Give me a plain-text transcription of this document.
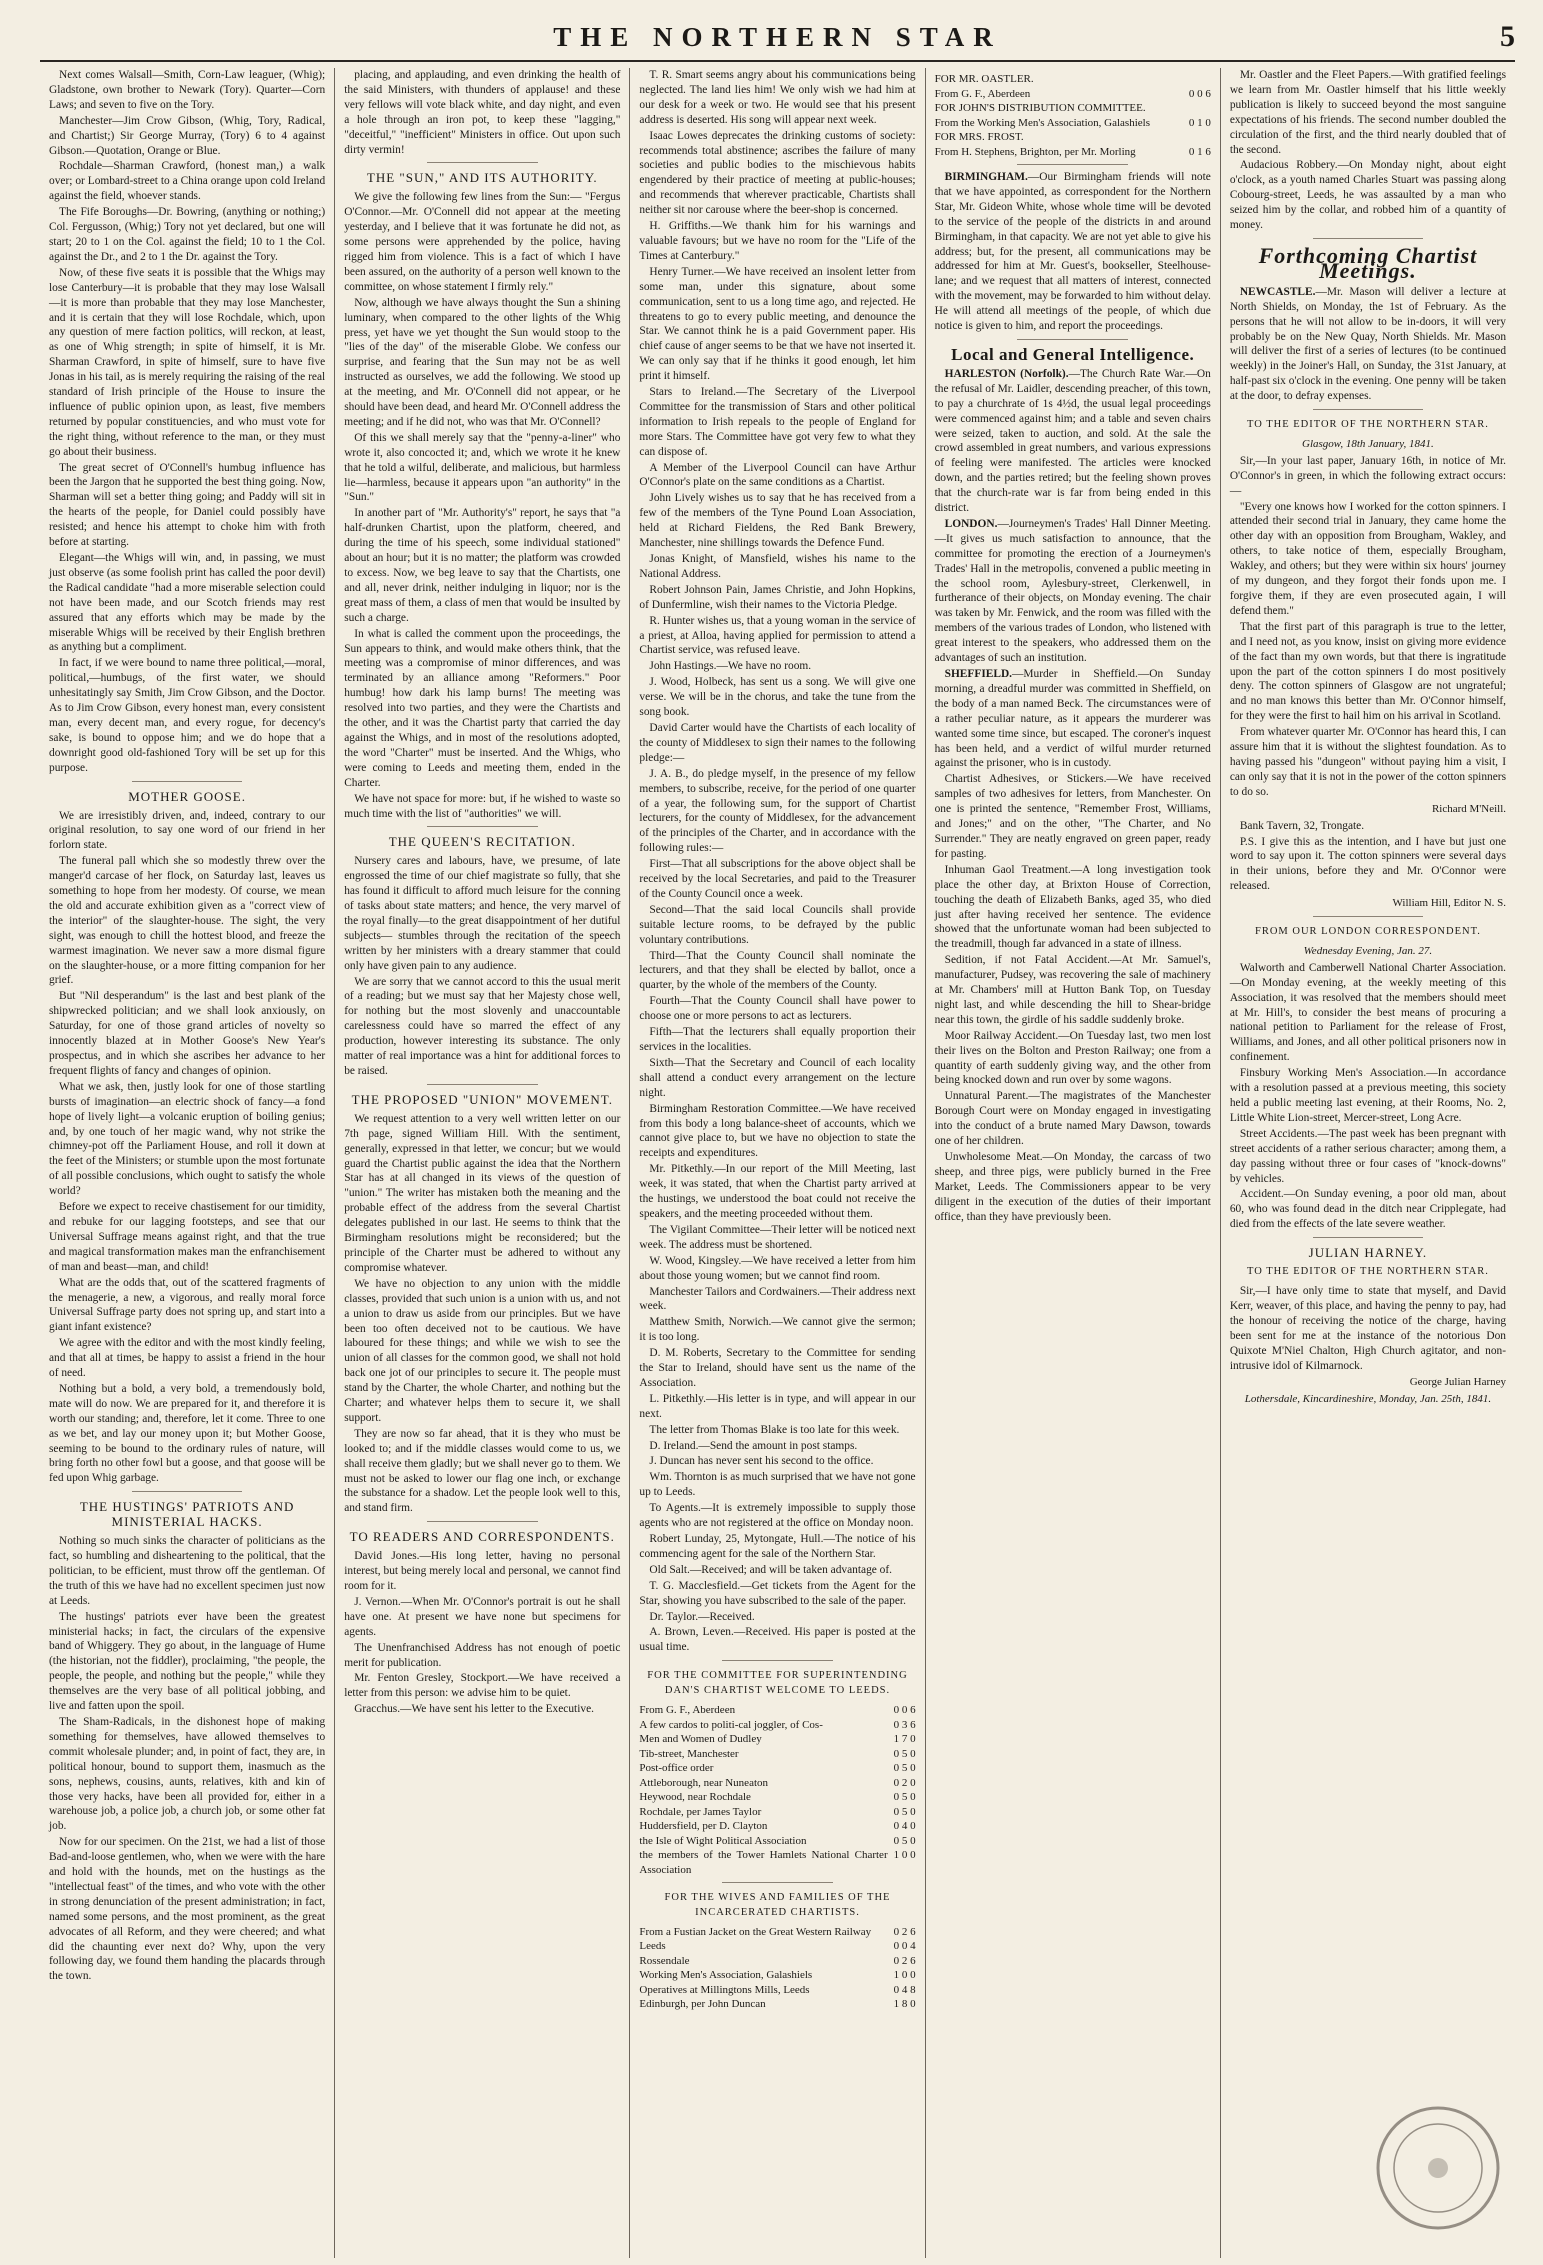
THE NORTHERN STAR	5

Next comes Walsall—Smith, Corn-Law leaguer, (Whig); Gladstone, own brother to Newark (Tory). Quarter—Corn Laws; and seven to five on the Tory.

Manchester—Jim Crow Gibson, (Whig, Tory, Radical, and Chartist;) Sir George Murray, (Tory) 6 to 4 against Gibson.—Quotation, Orange or Blue.

Rochdale—Sharman Crawford, (honest man,) a walk over; or Lombard-street to a China orange upon cold Ireland against the field, whoever stands.

The Fife Boroughs—Dr. Bowring, (anything or nothing;) Col. Fergusson, (Whig;) Tory not yet declared, but one will start; 20 to 1 on the Col. against the field; 10 to 1 the Col. against the Dr., and 2 to 1 the Dr. against the Tory.

Now, of these five seats it is possible that the Whigs may lose Canterbury—it is probable that they may lose Walsall—it is more than probable that they may lose Manchester, and it is certain that they will lose Rochdale, which, upon any question of mere faction politics, will reckon, at least, as one of Whig strength; in spite of himself, it is Mr. Sharman Crawford, in spite of himself, sure to have five Jonas in his tail, as is merely requiring the raising of the real standard of Irish principle of the House to insure the influence of public opinion upon, as least, five members returned by popular constituencies, and who must vote for the right thing, without reference to the man, or they must go about their business.

The great secret of O'Connell's humbug influence has been the Jargon that he supported the best thing going. Now, Sharman will set a better thing going; and Paddy will sit in the hearts of the people, for Daniel could possibly have resisted; and hence his attempt to choke him with froth before at starting.

Elegant—the Whigs will win, and, in passing, we must just observe (as some foolish print has called the poor devil) the Radical candidate "had a more miserable selection could not have been made, and our Scotch friends may rest assured that any efforts which may be made by the miserable Whigs will be received by their English brethren as anything but a compliment.

In fact, if we were bound to name three political,—moral, political,—humbugs, of the first water, we should unhesitatingly say Smith, Jim Crow Gibson, and the Doctor. As to Jim Crow Gibson, every honest man, every consistent man, every decent man, and every rogue, for decency's sake, is bound to oppose him; and we do hope that a downright good old-fashioned Tory will be set up for this purpose.

MOTHER GOOSE.

We are irresistibly driven, and, indeed, contrary to our original resolution, to say one word of our friend in her forlorn state.

The funeral pall which she so modestly threw over the manger'd carcase of her flock, on Saturday last, leaves us something to hope from her modesty. Of course, we mean the old and accurate exhibition given as a "correct view of the interior" of the slaughter-house. The sight, the very sight, was enough to chill the hottest blood, and freeze the warmest imagination. We never saw a more dismal figure on the slaughter-house, or a more fitting companion for her grief.

But "Nil desperandum" is the last and best plank of the shipwrecked politician; and we shall look anxiously, on Saturday, for one of those grand articles of novelty so innocently blazed at in Mother Goose's New Year's prospectus, and in which she ascribes her advance to her frequent flights of fancy and changes of opinion.

What we ask, then, justly look for one of those startling bursts of imagination—an electric shock of fancy—a fond hope of lively light—a volcanic eruption of boiling genius; and, by one touch of her magic wand, why not strike the chimney-pot off the Parliament House, and roll it down at the feet of the Ministers; or stumble upon the most fortunate of all possible conclusions, which ought to satisfy the whole world?

Before we expect to receive chastisement for our timidity, and rebuke for our lagging footsteps, and see that our Universal Suffrage means against right, and that the true and magical transformation makes man the enfranchisement of man and beast—man, and child!

What are the odds that, out of the scattered fragments of the menagerie, a new, a vigorous, and really moral force Universal Suffrage party does not spring up, and start into a giant infant existence?

We agree with the editor and with the most kindly feeling, and that all at times, be happy to assist a friend in the hour of need.

Nothing but a bold, a very bold, a tremendously bold, mate will do now. We are prepared for it, and therefore it is worth our standing; and, therefore, let it come. Three to one as we bet, and lay our money upon it; but Mother Goose, seeming to be bound to the ordinary rules of nature, will bring forth no other fowl but a goose, and that goose will be fed upon Whig garbage.

THE HUSTINGS' PATRIOTS AND MINISTERIAL HACKS.

Nothing so much sinks the character of politicians as the fact, so humbling and disheartening to the political, that the politician, to be efficient, must throw off the gentleman. Of the truth of this we have had no excellent specimen just now at Leeds.

The hustings' patriots ever have been the greatest ministerial hacks; in fact, the circulars of the expensive band of Whiggery. They go about, in the language of Hume (the historian, not the fiddler), proclaiming, "the people, the people, the people, and nothing but the people," while they themselves are the very base of all political jobbing, and live and fatten upon the spoil.

The Sham-Radicals, in the dishonest hope of making something for themselves, have allowed themselves to commit wholesale plunder; and, in point of fact, they are, in political honour, bound to support them, inasmuch as the sons, nephews, cousins, aunts, relatives, kith and kin of those very hacks, have been all provided for, either in a warehouse job, a police job, a church job, or some other fat job.

Now for our specimen. On the 21st, we had a list of those Bad-and-loose gentlemen, who, when we were with the hare and hold with the hounds, met on the hustings as the "intellectual feast" of the times, and who vote with the other in strong denunciation of the present administration; in fact, named some persons, and the most prominent, as the great advocates of all Reform, and they were cheered; and what did the chaunting ever next do? Why, upon the very following day, we found them handing the placards through the town.

placing, and applauding, and even drinking the health of the said Ministers, with thunders of applause! and these very fellows will vote black white, and day night, and even a hole through an iron pot, to keep these "lagging," "deceitful," "inefficient" Ministers in office. Out upon such dirty vermin!

THE "SUN," AND ITS AUTHORITY.

We give the following few lines from the Sun:— "Fergus O'Connor.—Mr. O'Connell did not appear at the meeting yesterday, and I believe that it was fortunate he did not, as some persons were apprehended by the police, having rigged him from violence. This is a fact of which I have been assured, on the authority of a person well known to the committee, on whose statement I firmly rely."

Now, although we have always thought the Sun a shining luminary, when compared to the other lights of the Whig press, yet have we yet thought the Sun would stoop to the "lies of the day" of the miserable Globe. We confess our surprise, and fearing that the Sun may not be as well instructed as ourselves, we add the following. We stood up at the meeting, and Mr. O'Connell did not appear, or he should have been dead, and heard Mr. O'Connell address the meeting; and if he did not, who was that Mr. O'Connell?

Of this we shall merely say that the "penny-a-liner" who wrote it, also concocted it; and, which we wrote it he knew that he told a wilful, deliberate, and malicious, but harmless lie—harmless, because it appears upon "an authority" in the "Sun."

In another part of "Mr. Authority's" report, he says that "a half-drunken Chartist, upon the platform, cheered, and during the time of his speech, some individual stationed" about an hour; but it is no matter; the platform was crowded to excess. Now, we beg leave to say that the Chartists, one and all, never drink, neither indulging in liquor; nor is the great mass of them, a class of men that would be insulted by such a charge.

In what is called the comment upon the proceedings, the Sun appears to think, and would make others think, that the meeting was a compromise of minor differences, and was terminated by an alliance among "Reformers." Poor humbug! how dark his lamp burns! The meeting was resolved into two parties, and they were the Chartists and the other, and it was the Chartist party that carried the day against the Whigs, and in most of the resolutions adopted, the word "Charter" must be inserted. And the Whigs, who were coming to Leeds and meeting them, ended in the Charter.

We have not space for more: but, if he wished to waste so much time with the list of "authorities" we will.

THE QUEEN'S RECITATION.

Nursery cares and labours, have, we presume, of late engrossed the time of our chief magistrate so fully, that she has found it difficult to afford much leisure for the conning of tasks about state matters; and hence, the very marvel of the royal finally—to the great disappointment of her dutiful subjects— stumbles through the recitation of the speech written by her ministers with a dreary stammer that could only have given pain to any audience.

We are sorry that we cannot accord to this the usual merit of a reading; but we must say that her Majesty chose well, for nothing but the most slovenly and unaccountable carelessness could have so marred the effect of any production, however interesting its substance. The only matter of real importance was a hint for additional forces to be raised.

THE PROPOSED "UNION" MOVEMENT.

We request attention to a very well written letter on our 7th page, signed William Hill. With the sentiment, generally, expressed in that letter, we concur; but we would guard the Chartist public against the idea that the Northern Star has at all changed in its views of the question of "union." The writer has mistaken both the meaning and the probable effect of the address from the several Chartist delegates published in our last. He seems to think that the Birmingham resolutions might be reconsidered; but the principle of the Charter must be adhered to without any compromise whatever.

We have no objection to any union with the middle classes, provided that such union is a union with us, and not a union to draw us aside from our principles. But we have been too often deceived not to be cautious. We have laboured for these things; and while we wish to see the union of all classes for the common good, we shall not hold back one jot of our principles to secure it. The people must stand by the Charter, the whole Charter, and nothing but the Charter; and whatever helps them to secure it, we shall support.

They are now so far ahead, that it is they who must be looked to; and if the middle classes would come to us, we shall receive them gladly; but we shall never go to them. We must not be asked to lower our flag one inch, or exchange the substance for a shadow. Let the people look well to this, and stand firm.

TO READERS AND CORRESPONDENTS.

David Jones.—His long letter, having no personal interest, but being merely local and personal, we cannot find room for it.

J. Vernon.—When Mr. O'Connor's portrait is out he shall have one. At present we have none but specimens for agents.

The Unenfranchised Address has not enough of poetic merit for publication.

Mr. Fenton Gresley, Stockport.—We have received a letter from this person: we advise him to be quiet.

Gracchus.—We have sent his letter to the Executive.

T. R. Smart seems angry about his communications being neglected. The land lies him! We only wish we had him at our desk for a week or two. He would see that his present address is deserted. His song will appear next week.

Isaac Lowes deprecates the drinking customs of society: recommends total abstinence; ascribes the failure of many societies and public bodies to the mischievous habits engendered by their practice of meeting at public-houses; and recommends that wherever practicable, Chartists shall neither sit nor carouse where the beer-shop is concerned.

H. Griffiths.—We thank him for his warnings and valuable favours; but we have no room for the "Life of the Times at Canterbury."

Henry Turner.—We have received an insolent letter from some man, under this signature, about some communication, sent to us a long time ago, and rejected. He threatens to go to every public meeting, and denounce the Star. We cannot think he is a paid Government paper. His chief cause of anger seems to be that we have not inserted it. We can only say that if he thinks it good enough, let him print it himself.

Stars to Ireland.—The Secretary of the Liverpool Committee for the transmission of Stars and other political information to Irish repeals to the people of England for more Stars. The Committee have got very few to what they can dispose of.

A Member of the Liverpool Council can have Arthur O'Connor's plate on the same conditions as a Chartist.

John Lively wishes us to say that he has received from a few of the members of the Tyne Pound Loan Association, held at Richard Fieldens, the Red Bank Brewery, Manchester, nine shillings towards the Defence Fund.

Jonas Knight, of Mansfield, wishes his name to the National Address.

Robert Johnson Pain, James Christie, and John Hopkins, of Dunfermline, wish their names to the Victoria Pledge.

R. Hunter wishes us, that a young woman in the service of a priest, at Alloa, having applied for permission to attend a Chartist service, was refused leave.

John Hastings.—We have no room.

J. Wood, Holbeck, has sent us a song. We will give one verse. We will be in the chorus, and take the tune from the song book.

David Carter would have the Chartists of each locality of the county of Middlesex to sign their names to the following pledge:—

J. A. B., do pledge myself, in the presence of my fellow members, to subscribe, receive, for the period of one quarter of a year, the following sum, for the support of Chartist lecturers, for the county of Middlesex, for the advancement of the principles of the Charter, and in accordance with the following rules:—

First—That all subscriptions for the above object shall be received by the local Secretaries, and paid to the Treasurer of the County Council once a week.

Second—That the said local Councils shall provide suitable lecture rooms, to be defrayed by the public voluntary contributions.

Third—That the County Council shall nominate the lecturers, and that they shall be elected by ballot, once a quarter, by the whole of the members of the County.

Fourth—That the County Council shall have power to choose one or more persons to act as lecturers.

Fifth—That the lecturers shall equally proportion their services in the localities.

Sixth—That the Secretary and Council of each locality shall attend a conduct every arrangement on the lecture night.

Birmingham Restoration Committee.—We have received from this body a long balance-sheet of accounts, which we cannot give place to, but we have no objection to state the receipts and expenditures.

Mr. Pitkethly.—In our report of the Mill Meeting, last week, it was stated, that when the Chartist party arrived at the hustings, we understood the boat could not receive the speakers, and the meeting proceeded without them.

The Vigilant Committee—Their letter will be noticed next week. The address must be shortened.

W. Wood, Kingsley.—We have received a letter from him about those young women; but we cannot find room.

Manchester Tailors and Cordwainers.—Their address next week.

Matthew Smith, Norwich.—We cannot give the sermon; it is too long.

D. M. Roberts, Secretary to the Committee for sending the Star to Ireland, should have sent us the name of the Association.

L. Pitkethly.—His letter is in type, and will appear in our next.

The letter from Thomas Blake is too late for this week.

D. Ireland.—Send the amount in post stamps.

J. Duncan has never sent his second to the office.

Wm. Thornton is as much surprised that we have not gone up to Leeds.

To Agents.—It is extremely impossible to supply those agents who are not registered at the office on Monday noon.

Robert Lunday, 25, Mytongate, Hull.—The notice of his commencing agent for the sale of the Northern Star.

Old Salt.—Received; and will be taken advantage of.

T. G. Macclesfield.—Get tickets from the Agent for the Star, showing you have subscribed to the sale of the paper.

Dr. Taylor.—Received.

A. Brown, Leven.—Received. His paper is posted at the usual time.

FOR THE COMMITTEE FOR SUPERINTENDING DAN'S CHARTIST WELCOME TO LEEDS.
From G. F., Aberdeen	0 0 6
A few cardos to politi-cal joggler, of Cos-	0 3 6
Men and Women of Dudley	1 7 0
Tib-street, Manchester	0 5 0
Post-office order	0 5 0
Attleborough, near Nuneaton	0 2 0
Heywood, near Rochdale	0 5 0
Rochdale, per James Taylor	0 5 0
Huddersfield, per D. Clayton	0 4 0
the Isle of Wight Political Association	0 5 0
the members of the Tower Hamlets National Charter Association
1 0 0
FOR THE WIVES AND FAMILIES OF THE INCARCERATED CHARTISTS.
From a Fustian Jacket on the Great Western Railway	0 2 6
Leeds	0 0 4
Rossendale	0 2 6
Working Men's Association, Galashiels	1 0 0
Operatives at Millingtons Mills, Leeds	0 4 8
Edinburgh, per John Duncan	1 8 0
FOR MR. OASTLER.
From G. F., Aberdeen	0 0 6
FOR JOHN'S DISTRIBUTION COMMITTEE.
From the Working Men's Association, Galashiels	0 1 0
FOR MRS. FROST.
From H. Stephens, Brighton, per Mr. Morling	0 1 6

BIRMINGHAM.—Our Birmingham friends will note that we have appointed, as correspondent for the Northern Star, Mr. Gideon White, whose whole time will be devoted to the service of the people of the districts in and around Birmingham, in that capacity. We are not yet able to give his address; but, for the present, all communications may be addressed for him at Mr. Guest's, bookseller, Steelhouse-lane; and we request that all matters of interest, connected with the movement, may be forwarded to him without delay. He will attend all meetings of the people, of which due notice is given to him, and report the proceedings.

Local and General Intelligence.

HARLESTON (Norfolk).—The Church Rate War.—On the refusal of Mr. Laidler, descending preacher, of this town, to pay a churchrate of 1s 4½d, the usual legal proceedings were commenced against him; and a table and seven chairs were seized, taken to auction, and sold. At the sale the crowd assembled in great numbers, and various expressions of feeling were manifested. The articles were knocked down, and the parties retired; but the feeling shown proves that the church-rate war is far from being ended in this district.

LONDON.—Journeymen's Trades' Hall Dinner Meeting.—It gives us much satisfaction to announce, that the committee for promoting the erection of a Journeymen's Trades' Hall in the metropolis, convened a public meeting in the school room, Aylesbury-street, Clerkenwell, in furtherance of their objects, on Monday evening. The chair was taken by Mr. Fenwick, and the room was filled with the members of the various trades of London, who listened with great interest to the speakers, who addressed them on the advantages of such an institution.

SHEFFIELD.—Murder in Sheffield.—On Sunday morning, a dreadful murder was committed in Sheffield, on the body of a man named Beck. The circumstances were of a rather peculiar nature, as it appears the murderer was wanted some time since, but escaped. The coroner's inquest has been held, and a verdict of wilful murder returned against the prisoner, who is in custody.

Chartist Adhesives, or Stickers.—We have received samples of two adhesives for letters, from Manchester. On one is printed the sentence, "Remember Frost, Williams, and Jones;" and on the other, "The Charter, and No Surrender." They are neatly engraved on green paper, ready for pasting.

Inhuman Gaol Treatment.—A long investigation took place the other day, at Brixton House of Correction, touching the death of Elizabeth Banks, aged 35, who died just after having received her sentence. The evidence showed that the unfortunate woman had been subjected to the treadmill, though far advanced in a state of illness.

Sedition, if not Fatal Accident.—At Mr. Samuel's, manufacturer, Pudsey, was recovering the sale of machinery at Mr. Chambers' mill at Hutton Bank Top, on Tuesday night last, and while descending the hill to Shear-bridge near this town, the girdle of his saddle suddenly broke.

Moor Railway Accident.—On Tuesday last, two men lost their lives on the Bolton and Preston Railway; one from a quantity of earth suddenly giving way, and the other from being knocked down and run over by some wagons.

Unnatural Parent.—The magistrates of the Manchester Borough Court were on Monday engaged in investigating into the conduct of a brute named Mary Dawson, towards one of her children.

Unwholesome Meat.—On Monday, the carcass of two sheep, and three pigs, were publicly burned in the Free Market, Leeds. The Commissioners appear to be very diligent in the execution of the duties of their important office, than they have previously been.

Mr. Oastler and the Fleet Papers.—With gratified feelings we learn from Mr. Oastler himself that his little weekly publication is likely to succeed beyond the most sanguine expectations of his friends. The second number doubled the circulation of the first, and the third nearly doubled that of the second.

Audacious Robbery.—On Monday night, about eight o'clock, as a youth named Charles Stuart was passing along Cobourg-street, Leeds, he was assaulted by a man who seized him by the collar, and robbed him of a quantity of money.

Forthcoming Chartist Meetings.

NEWCASTLE.—Mr. Mason will deliver a lecture at North Shields, on Monday, the 1st of February. As the persons that he will not allow to be in-doors, it will very probably be on the New Quay, North Shields. Mr. Mason will deliver the first of a series of lectures (to be continued weekly) in the Joiner's Hall, on Sunday, the 31st January, at half-past six o'clock in the evening. One penny will be taken at the door, to defray expenses.

TO THE EDITOR OF THE NORTHERN STAR.
Glasgow, 18th January, 1841.

Sir,—In your last paper, January 16th, in notice of Mr. O'Connor's in green, in which the following extract occurs:—

"Every one knows how I worked for the cotton spinners. I attended their second trial in January, they came home the other day with an opposition from Brougham, Wakley, and others, to take notice of them, especially Brougham, Wakley, and others; but they were within six hours' journey of my dungeon, and they forgot their fonds upon me. I forgive them, if they are even prosecuted again, I will defend them."

That the first part of this paragraph is true to the letter, and I need not, as you know, insist on giving more evidence of the fact than my own words, but that there is ingratitude upon the part of the cotton spinners I do most positively deny. The cotton spinners of Glasgow are not ungrateful; and no man knows this better than Mr. O'Connor himself, for they were the first to hail him on his arrival in Scotland.

From whatever quarter Mr. O'Connor has heard this, I can assure him that it is without the slightest foundation. As to having passed his "dungeon" without paying him a visit, I can only say that it is not in the power of the cotton spinners to do so.

Richard M'Neill.

Bank Tavern, 32, Trongate.

P.S. I give this as the intention, and I have but just one word to say upon it. The cotton spinners were several days in their unions, before they and Mr. O'Connor were released.

William Hill, Editor N. S.
FROM OUR LONDON CORRESPONDENT.
Wednesday Evening, Jan. 27.

Walworth and Camberwell National Charter Association.—On Monday evening, at the weekly meeting of this Association, it was resolved that the members should meet at Mr. Hill's, to consider the best means of procuring a national petition to Parliament for the release of Frost, Williams, and Jones, and all other political prisoners now in confinement.

Finsbury Working Men's Association.—In accordance with a resolution passed at a previous meeting, this society held a public meeting last evening, at their Rooms, No. 2, Little White Lion-street, Mercer-street, Long Acre.

Street Accidents.—The past week has been pregnant with street accidents of a rather serious character; among them, a day passing without three or four cases of "knock-downs" by vehicles.

Accident.—On Sunday evening, a poor old man, about 60, who was found dead in the ditch near Cripplegate, had died from the effects of the late severe weather.

JULIAN HARNEY.
TO THE EDITOR OF THE NORTHERN STAR.

Sir,—I have only time to state that myself, and David Kerr, weaver, of this place, and having the penny to pay, had the honour of receiving the notice of the charge, having been sent for me at the instance of the notorious Don Quixote M'Niel Chalton, High Church agitator, and non-intrusive idol of Kilmarnock.

George Julian Harney
Lothersdale, Kincardineshire, Monday, Jan. 25th, 1841.
